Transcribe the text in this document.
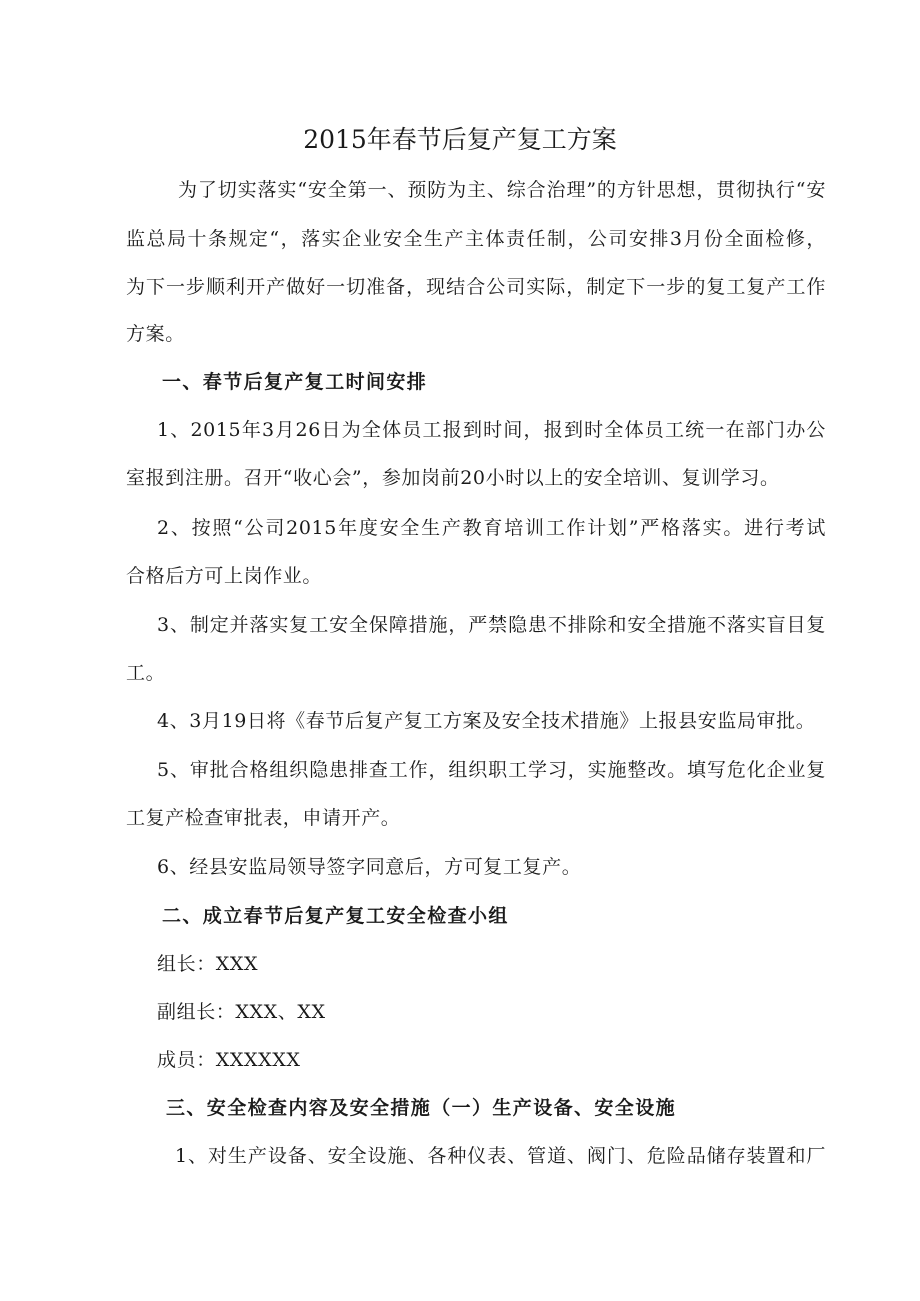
2015年春节后复产复工方案
为了切实落实“安全第一、预防为主、综合治理”的方针思想，贯彻执行“安
监总局十条规定“，落实企业安全生产主体责任制，公司安排3月份全面检修，
为下一步顺利开产做好一切准备，现结合公司实际，制定下一步的复工复产工作
方案。
一、春节后复产复工时间安排
1、2015年3月26日为全体员工报到时间，报到时全体员工统一在部门办公
室报到注册。召开“收心会”，参加岗前20小时以上的安全培训、复训学习。
2、按照“公司2015年度安全生产教育培训工作计划”严格落实。进行考试
合格后方可上岗作业。
3、制定并落实复工安全保障措施，严禁隐患不排除和安全措施不落实盲目复
工。
4、3月19日将《春节后复产复工方案及安全技术措施》上报县安监局审批。
5、审批合格组织隐患排查工作，组织职工学习，实施整改。填写危化企业复
工复产检查审批表，申请开产。
6、经县安监局领导签字同意后，方可复工复产。
二、成立春节后复产复工安全检查小组
组长：XXX
副组长：XXX、XX
成员：XXXXXX
三、安全检查内容及安全措施（一）生产设备、安全设施
1、对生产设备、安全设施、各种仪表、管道、阀门、危险品储存装置和厂
